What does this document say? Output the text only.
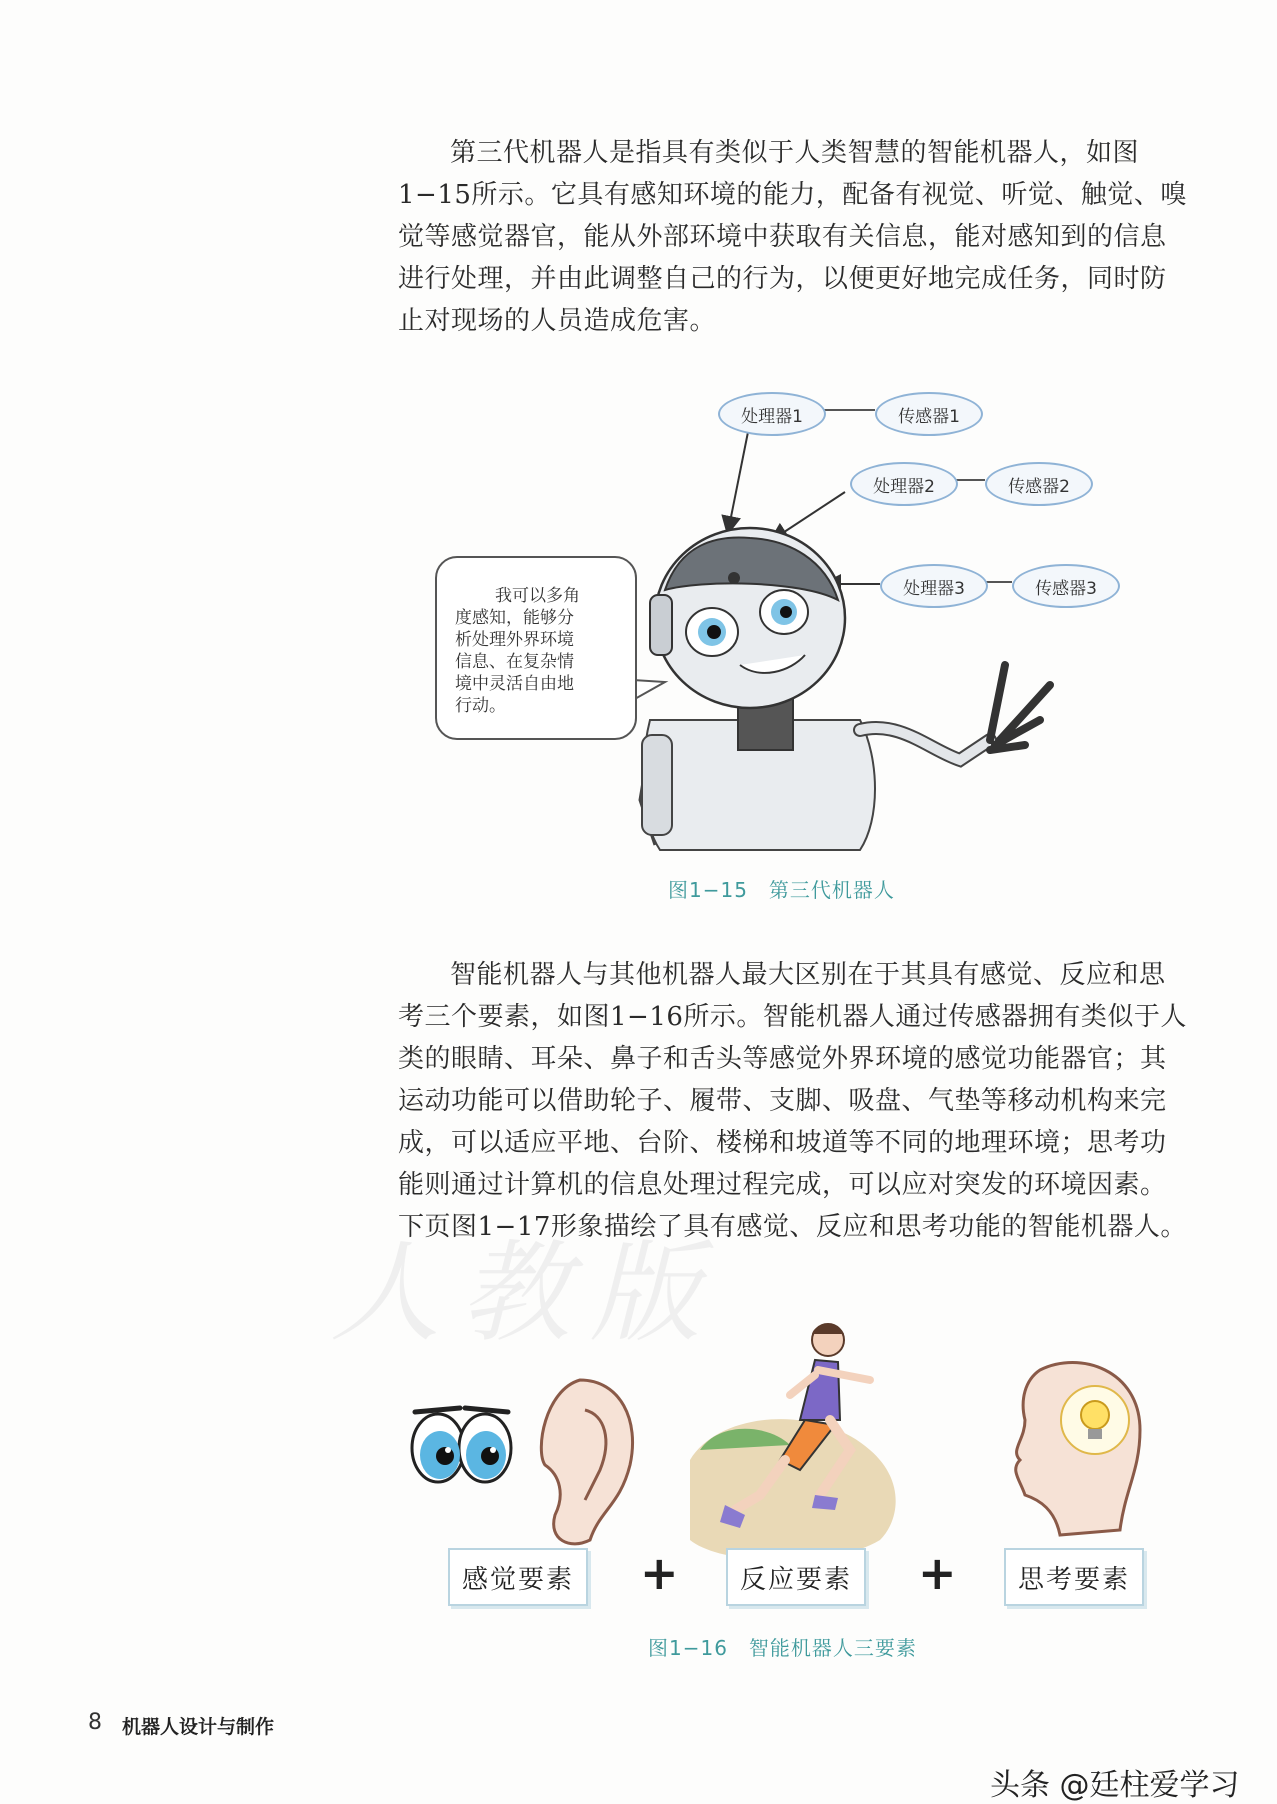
第三代机器人是指具有类似于人类智慧的智能机器人，如图
1−15所示。它具有感知环境的能力，配备有视觉、听觉、触觉、嗅
觉等感觉器官，能从外部环境中获取有关信息，能对感知到的信息
进行处理，并由此调整自己的行为，以便更好地完成任务，同时防
止对现场的人员造成危害。
处理器1	传感器1
处理器2	传感器2
处理器3	传感器3
我可以多角
度感知，能够分
析处理外界环境
信息、在复杂情
境中灵活自由地
行动。
图1−15　第三代机器人
智能机器人与其他机器人最大区别在于其具有感觉、反应和思
考三个要素，如图1−16所示。智能机器人通过传感器拥有类似于人
类的眼睛、耳朵、鼻子和舌头等感觉外界环境的感觉功能器官；其
运动功能可以借助轮子、履带、支脚、吸盘、气垫等移动机构来完
成，可以适应平地、台阶、楼梯和坡道等不同的地理环境；思考功
能则通过计算机的信息处理过程完成，可以应对突发的环境因素。
下页图1−17形象描绘了具有感觉、反应和思考功能的智能机器人。
人教版
感觉要素	+	反应要素	+	思考要素
图1−16　智能机器人三要素
8 机器人设计与制作
头条 @廷柱爱学习
